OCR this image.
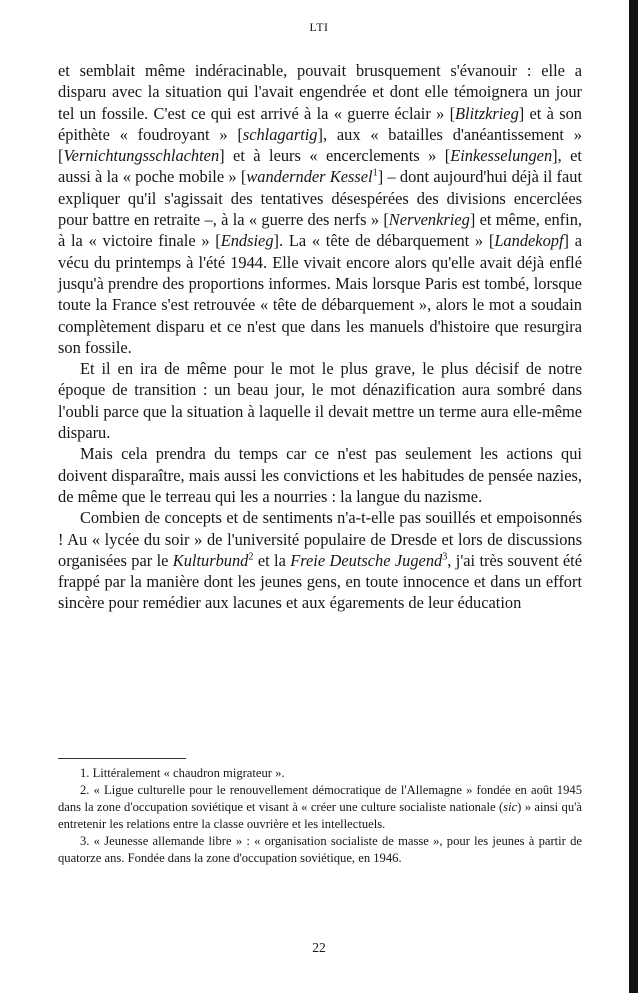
LTI

et semblait même indéracinable, pouvait brusquement s'évanouir : elle a disparu avec la situation qui l'avait engendrée et dont elle témoignera un jour tel un fossile. C'est ce qui est arrivé à la « guerre éclair » [Blitzkrieg] et à son épithète « foudroyant » [schlagartig], aux « batailles d'anéantissement » [Vernichtungsschlachten] et à leurs « encerclements » [Einkesselungen], et aussi à la « poche mobile » [wandernder Kessel$^1$] – dont aujourd'hui déjà il faut expliquer qu'il s'agissait des tentatives désespérées des divisions encerclées pour battre en retraite –, à la « guerre des nerfs » [Nervenkrieg] et même, enfin, à la « victoire finale » [Endsieg]. La « tête de débarquement » [Landekopf] a vécu du printemps à l'été 1944. Elle vivait encore alors qu'elle avait déjà enflé jusqu'à prendre des proportions informes. Mais lorsque Paris est tombé, lorsque toute la France s'est retrouvée « tête de débarquement », alors le mot a soudain complètement disparu et ce n'est que dans les manuels d'histoire que resurgira son fossile.

Et il en ira de même pour le mot le plus grave, le plus décisif de notre époque de transition : un beau jour, le mot dénazification aura sombré dans l'oubli parce que la situation à laquelle il devait mettre un terme aura elle-même disparu.

Mais cela prendra du temps car ce n'est pas seulement les actions qui doivent disparaître, mais aussi les convictions et les habitudes de pensée nazies, de même que le terreau qui les a nourries : la langue du nazisme.

Combien de concepts et de sentiments n'a-t-elle pas souillés et empoisonnés ! Au « lycée du soir » de l'université populaire de Dresde et lors de discussions organisées par le Kulturbund$^2$ et la Freie Deutsche Jugend$^3$, j'ai très souvent été frappé par la manière dont les jeunes gens, en toute innocence et dans un effort sincère pour remédier aux lacunes et aux égarements de leur éducation

1. Littéralement « chaudron migrateur ».

2. « Ligue culturelle pour le renouvellement démocratique de l'Allemagne » fondée en août 1945 dans la zone d'occupation soviétique et visant à « créer une culture socialiste nationale (sic) » ainsi qu'à entretenir les relations entre la classe ouvrière et les intellectuels.

3. « Jeunesse allemande libre » : « organisation socialiste de masse », pour les jeunes à partir de quatorze ans. Fondée dans la zone d'occupation soviétique, en 1946.

22
